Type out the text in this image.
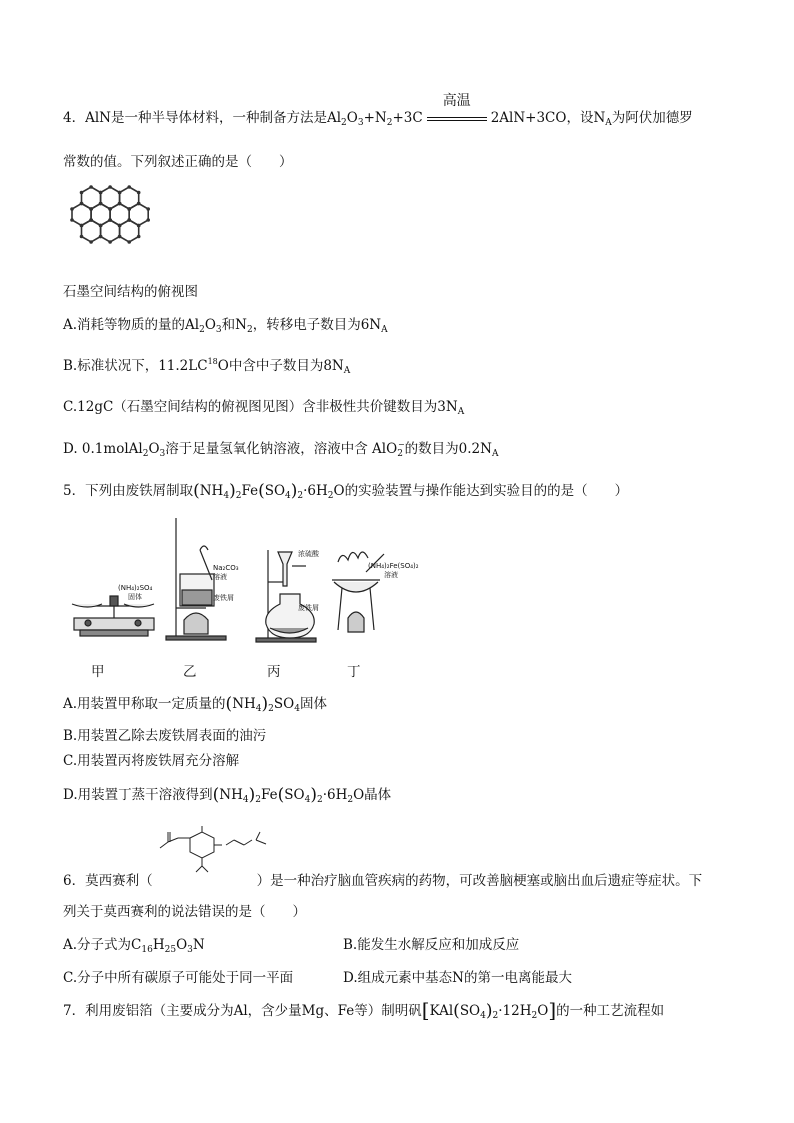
4．AlN是一种半导体材料，一种制备方法是$Al_2O_3+N_2+3C$
高温
2AlN+3CO，设$N_A$为阿伏加德罗
常数的值。下列叙述正确的是（　　）
石墨空间结构的俯视图
A.消耗等物质的量的$Al_2O_3$和$N_2$，转移电子数目为$6N_A$
B.标准状况下，11.2LC$^{18}$O中含中子数目为$8N_A$
C.12gC（石墨空间结构的俯视图见图）含非极性共价键数目为$3N_A$
D. $0.1molAl_2O_3$溶于足量氢氧化钠溶液，溶液中含 AlO$_2$−的数目为$0.2N_A$
5．下列由废铁屑制取$(NH_4)_2Fe(SO_4)_2\cdot 6H_2O$的实验装置与操作能达到实验目的的是（　　）
(NH₄)₂SO₄
固体
Na₂CO₃
溶液
废铁屑
浓硫酸
废铁屑
(NH₄)₂Fe(SO₄)₂
溶液
甲	乙	丙	丁
A.用装置甲称取一定质量的$(NH_4)_2SO_4$固体
B.用装置乙除去废铁屑表面的油污
C.用装置丙将废铁屑充分溶解
D.用装置丁蒸干溶液得到$(NH_4)_2Fe(SO_4)_2\cdot 6H_2O$晶体
6．莫西赛利（	）是一种治疗脑血管疾病的药物，可改善脑梗塞或脑出血后遗症等症状。下
列关于莫西赛利的说法错误的是（　　）
A.分子式为$C_{16}H_{25}O_3N$	B.能发生水解反应和加成反应
C.分子中所有碳原子可能处于同一平面	D.组成元素中基态N的第一电离能最大
7．利用废铝箔（主要成分为Al，含少量Mg、Fe等）制明矾$[KAl(SO_4)_2\cdot 12H_2O]$的一种工艺流程如
